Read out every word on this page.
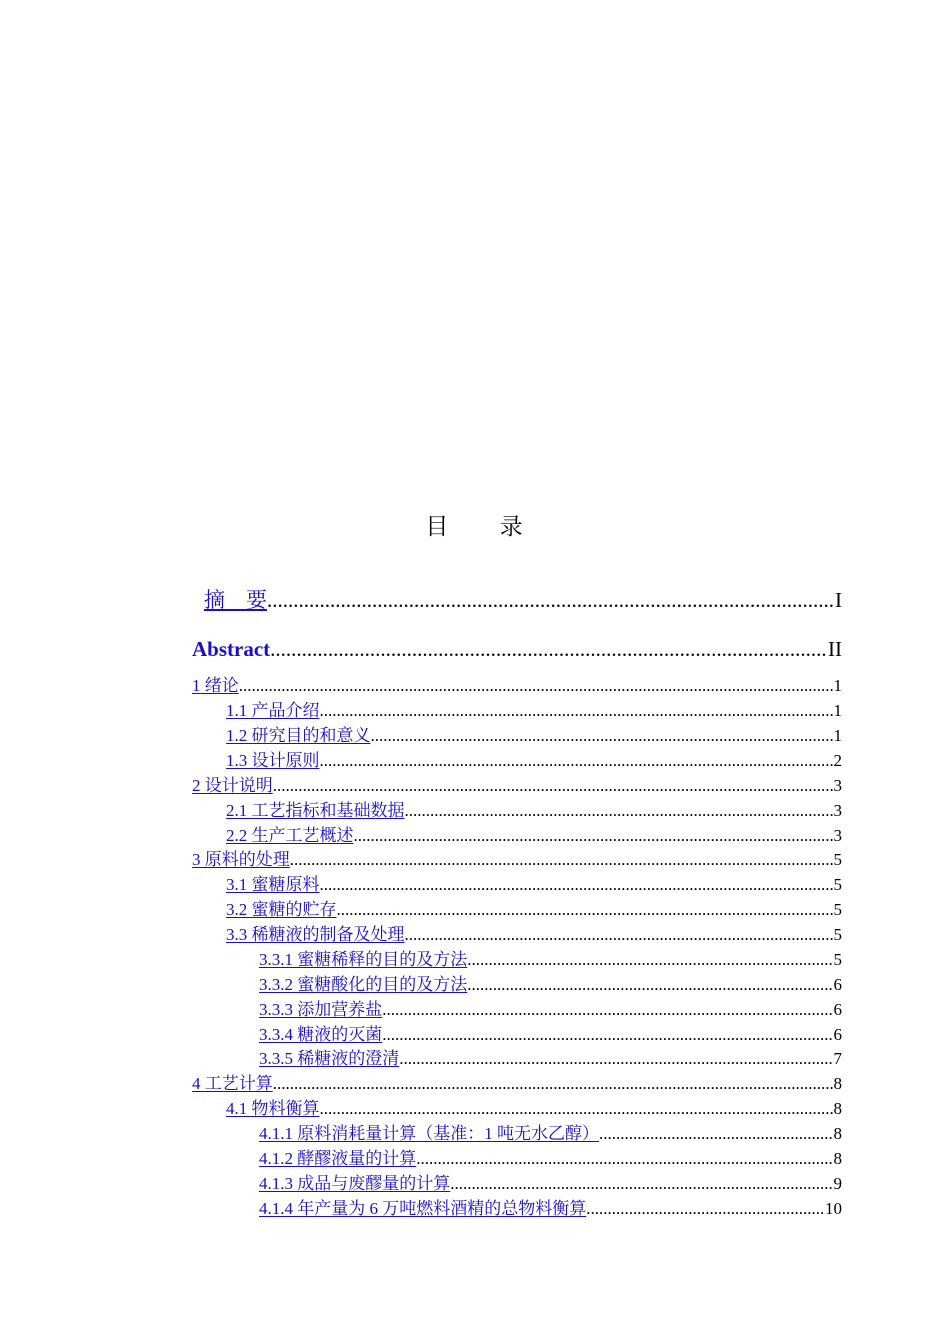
目 录
摘　要 .....	I
Abstract .....	II
1 绪论 .....	1
1.1 产品介绍 .....	1
1.2 研究目的和意义 .....	1
1.3 设计原则 .....	2
2 设计说明 .....	3
2.1 工艺指标和基础数据 .....	3
2.2 生产工艺概述 .....	3
3 原料的处理 .....	5
3.1 蜜糖原料 .....	5
3.2 蜜糖的贮存 .....	5
3.3 稀糖液的制备及处理 .....	5
3.3.1 蜜糖稀释的目的及方法 .....	5
3.3.2 蜜糖酸化的目的及方法 .....	6
3.3.3 添加营养盐 .....	6
3.3.4 糖液的灭菌 .....	6
3.3.5 稀糖液的澄清 .....	7
4 工艺计算 .....	8
4.1 物料衡算 .....	8
4.1.1 原料消耗量计算（基准：1 吨无水乙醇） .....	8
4.1.2 酵醪液量的计算 .....	8
4.1.3 成品与废醪量的计算 .....	9
4.1.4 年产量为 6 万吨燃料酒精的总物料衡算 .....	10
